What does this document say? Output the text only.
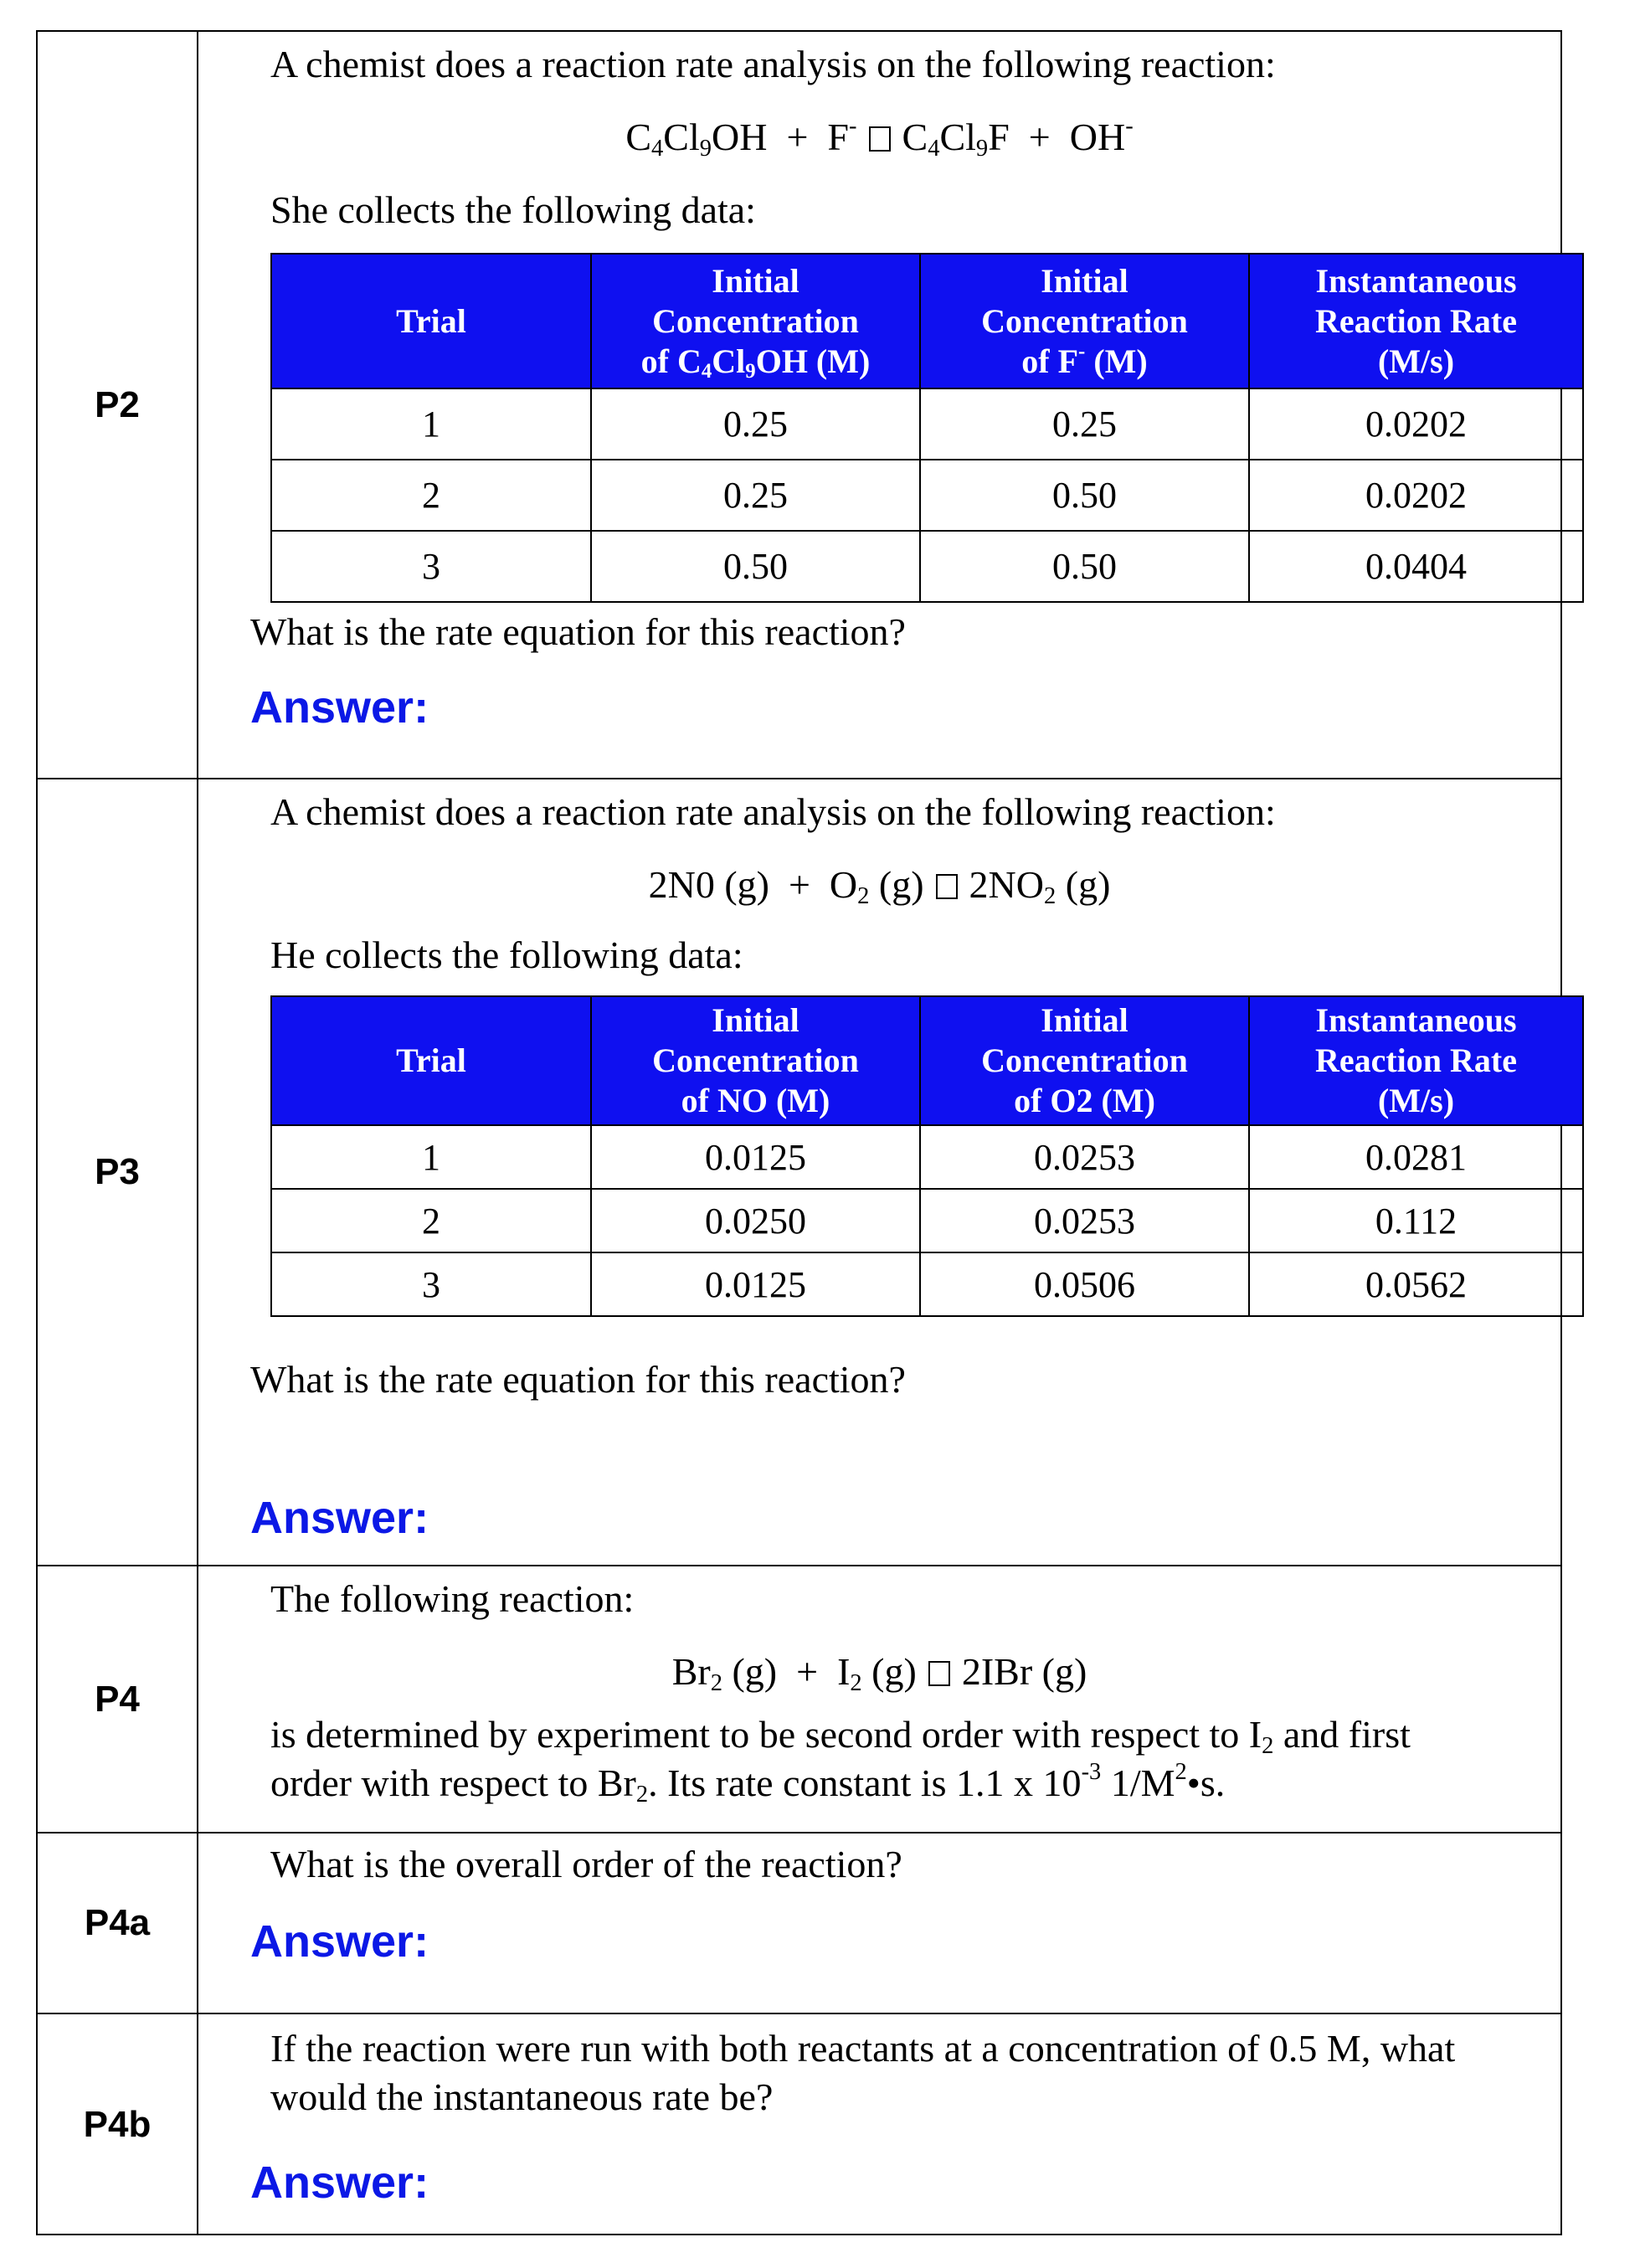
P2
A chemist does a reaction rate analysis on the following reaction:
$C_4Cl_9OH + F^-$ $C_4Cl_9F + OH^-$
She collects the following data:
Trial	Initial
Concentration
of $C_4Cl_9OH$ (M)	Initial
Concentration
of F- (M)	Instantaneous
Reaction Rate
(M/s)
1	0.25	0.25	0.0202
2	0.25	0.50	0.0202
3	0.50	0.50	0.0404
What is the rate equation for this reaction?
Answer:
P3
A chemist does a reaction rate analysis on the following reaction:
2N0 $(g) + O_2$ (g) $2NO_2$ (g)
He collects the following data:
Trial	Initial
Concentration
of NO (M)	Initial
Concentration
of O2 (M)	Instantaneous
Reaction Rate
(M/s)
1	0.0125	0.0253	0.0281
2	0.0250	0.0253	0.112
3	0.0125	0.0506	0.0562
What is the rate equation for this reaction?
Answer:
P4
The following reaction:
$Br_2$ $(g) + I_2$ (g) 2IBr (g)
is determined by experiment to be second order with respect to $I_2$ and first
order with respect to $Br_2$. Its rate constant is 1.1 x $10^{-3}$ $1/M^2•s$.
P4a
What is the overall order of the reaction?
Answer:
P4b
If the reaction were run with both reactants at a concentration of 0.5 M, what
would the instantaneous rate be?
Answer:
